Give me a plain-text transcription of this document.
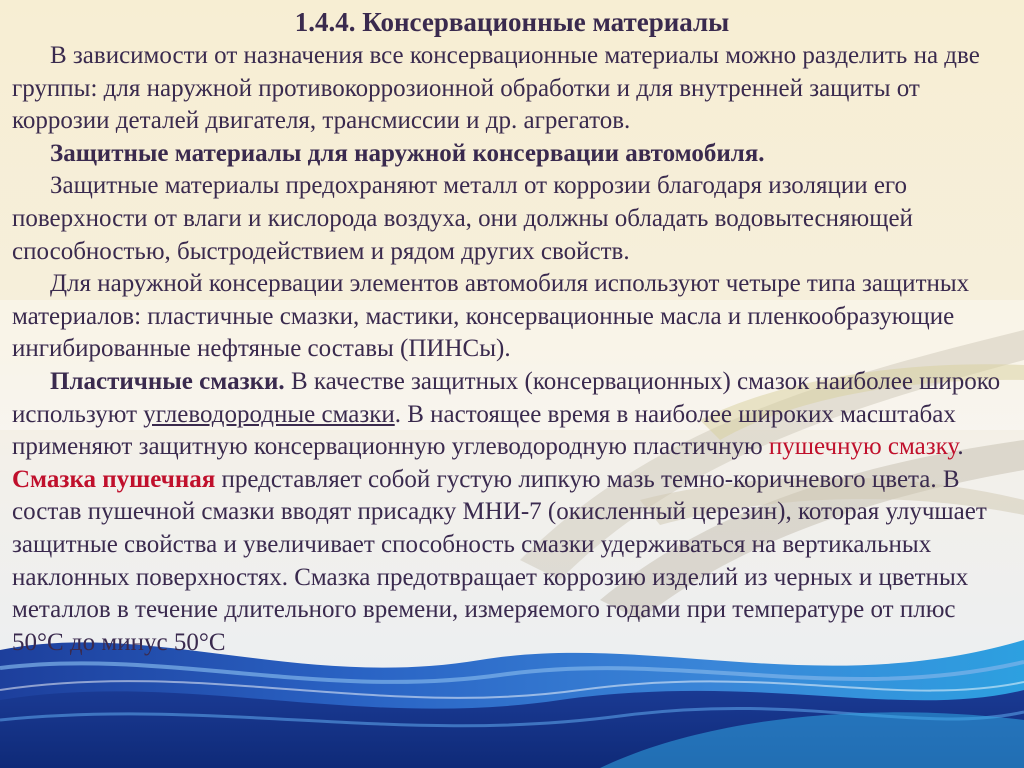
1.4.4. Консервационные материалы

В зависимости от назначения все консервационные материалы можно разделить на две группы: для наружной противокоррозионной обработки и для внутренней защиты от коррозии деталей двигателя, трансмиссии и др. агрегатов.

Защитные материалы для наружной консервации автомобиля.

Защитные материалы предохраняют металл от коррозии благодаря изоляции его поверхности от влаги и кислорода воздуха, они должны обладать водовытесняющей способностью, быстродействием и рядом других свойств.

Для наружной консервации элементов автомобиля используют четыре типа защитных материалов: пластичные смазки, мастики, консервационные масла и пленкообразующие ингибированные нефтяные составы (ПИНСы).

Пластичные смазки. В качестве защитных (консервационных) смазок наиболее широко используют углеводородные смазки. В настоящее время в наиболее широких масштабах применяют защитную консервационную углеводородную пластичную пушечную смазку. Смазка пушечная представляет собой густую липкую мазь темно-коричневого цвета. В состав пушечной смазки вводят присадку МНИ-7 (окисленный церезин), которая улучшает защитные свойства и увеличивает способность смазки удерживаться на вертикальных наклонных поверхностях. Смазка предотвращает коррозию изделий из черных и цветных металлов в течение длительного времени, измеряемого годами при температуре от плюс 50°С до минус 50°С
